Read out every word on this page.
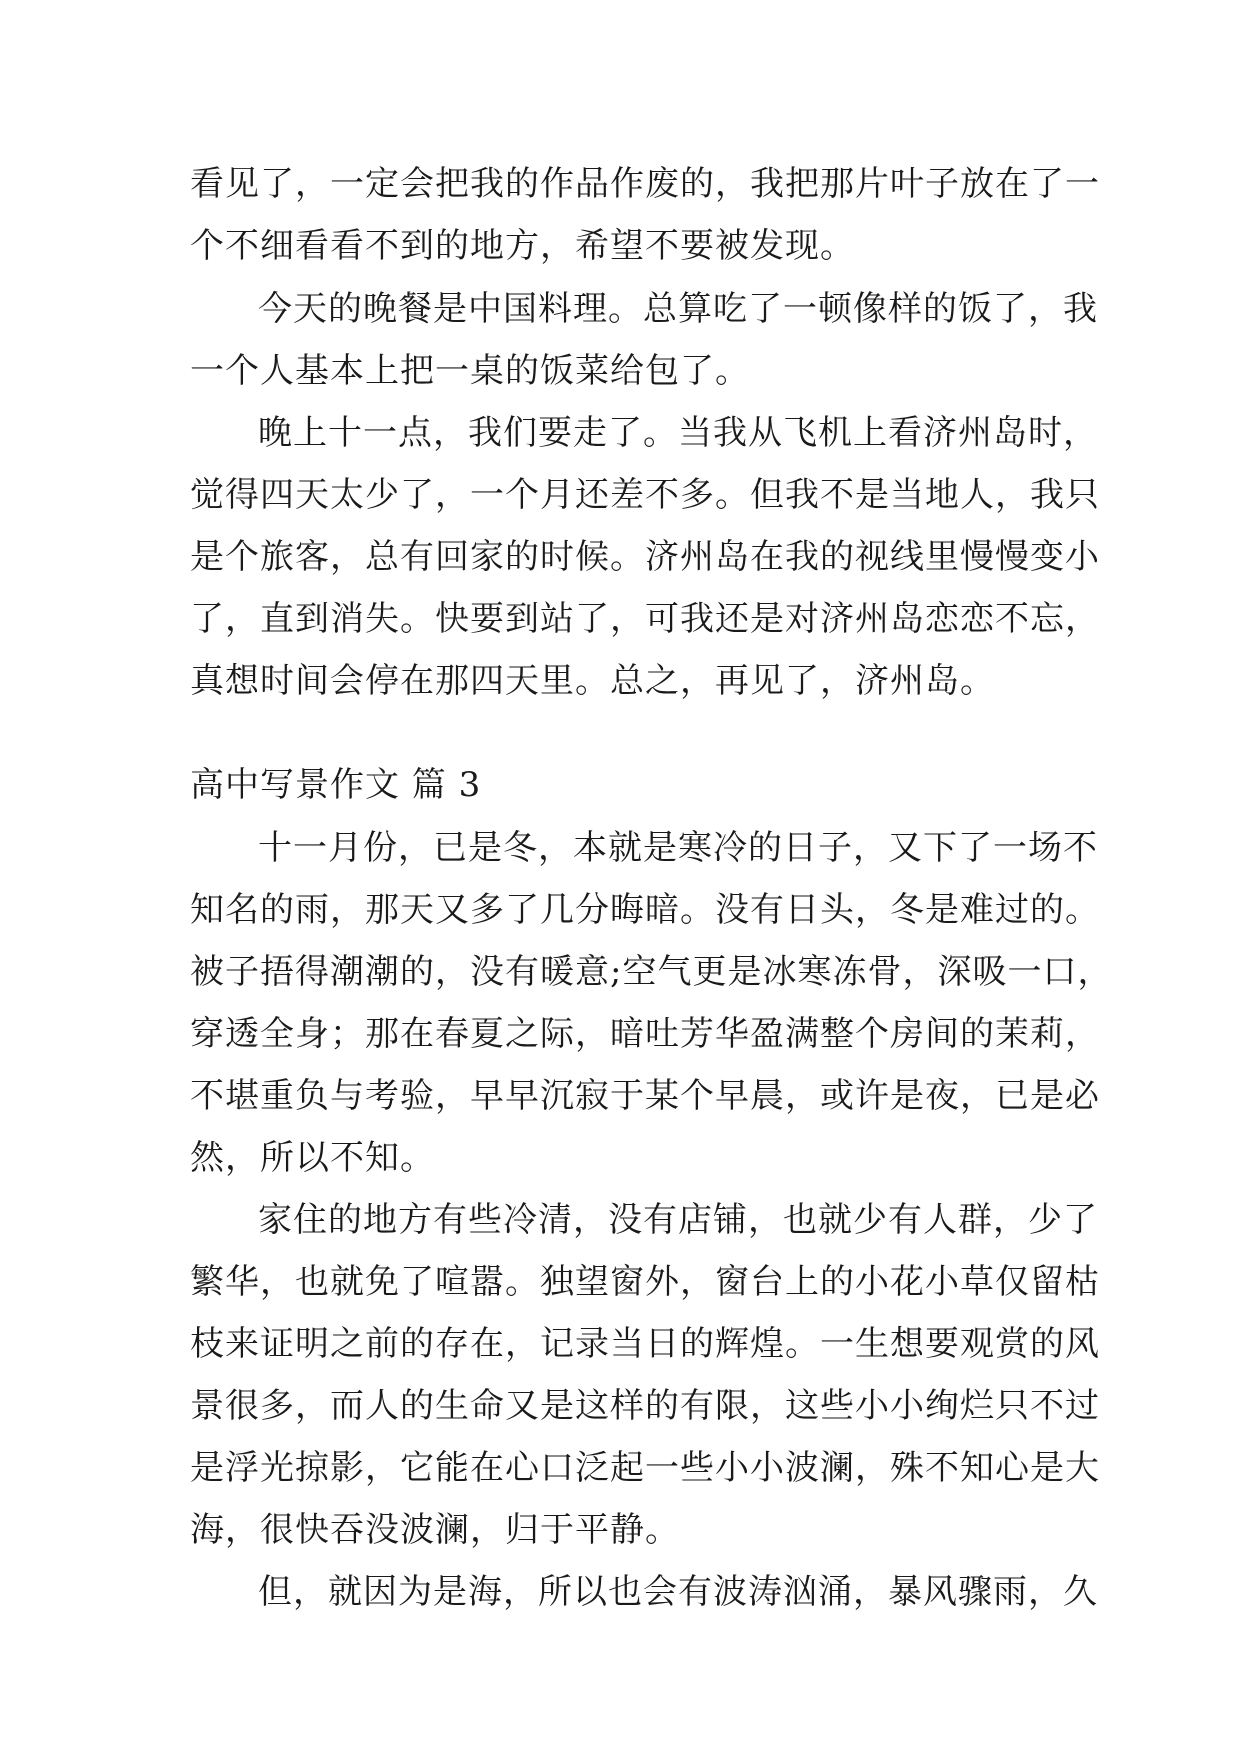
看见了，一定会把我的作品作废的，我把那片叶子放在了一
个不细看看不到的地方，希望不要被发现。
今天的晚餐是中国料理。总算吃了一顿像样的饭了，我
一个人基本上把一桌的饭菜给包了。
晚上十一点，我们要走了。当我从飞机上看济州岛时，
觉得四天太少了，一个月还差不多。但我不是当地人，我只
是个旅客，总有回家的时候。济州岛在我的视线里慢慢变小
了，直到消失。快要到站了，可我还是对济州岛恋恋不忘，
真想时间会停在那四天里。总之，再见了，济州岛。
高中写景作文 篇 3
十一月份，已是冬，本就是寒冷的日子，又下了一场不
知名的雨，那天又多了几分晦暗。没有日头，冬是难过的。
被子捂得潮潮的，没有暖意;空气更是冰寒冻骨，深吸一口，
穿透全身；那在春夏之际，暗吐芳华盈满整个房间的茉莉，
不堪重负与考验，早早沉寂于某个早晨，或许是夜，已是必
然，所以不知。
家住的地方有些冷清，没有店铺，也就少有人群，少了
繁华，也就免了喧嚣。独望窗外，窗台上的小花小草仅留枯
枝来证明之前的存在，记录当日的辉煌。一生想要观赏的风
景很多，而人的生命又是这样的有限，这些小小绚烂只不过
是浮光掠影，它能在心口泛起一些小小波澜，殊不知心是大
海，很快吞没波澜，归于平静。
但，就因为是海，所以也会有波涛汹涌，暴风骤雨，久
